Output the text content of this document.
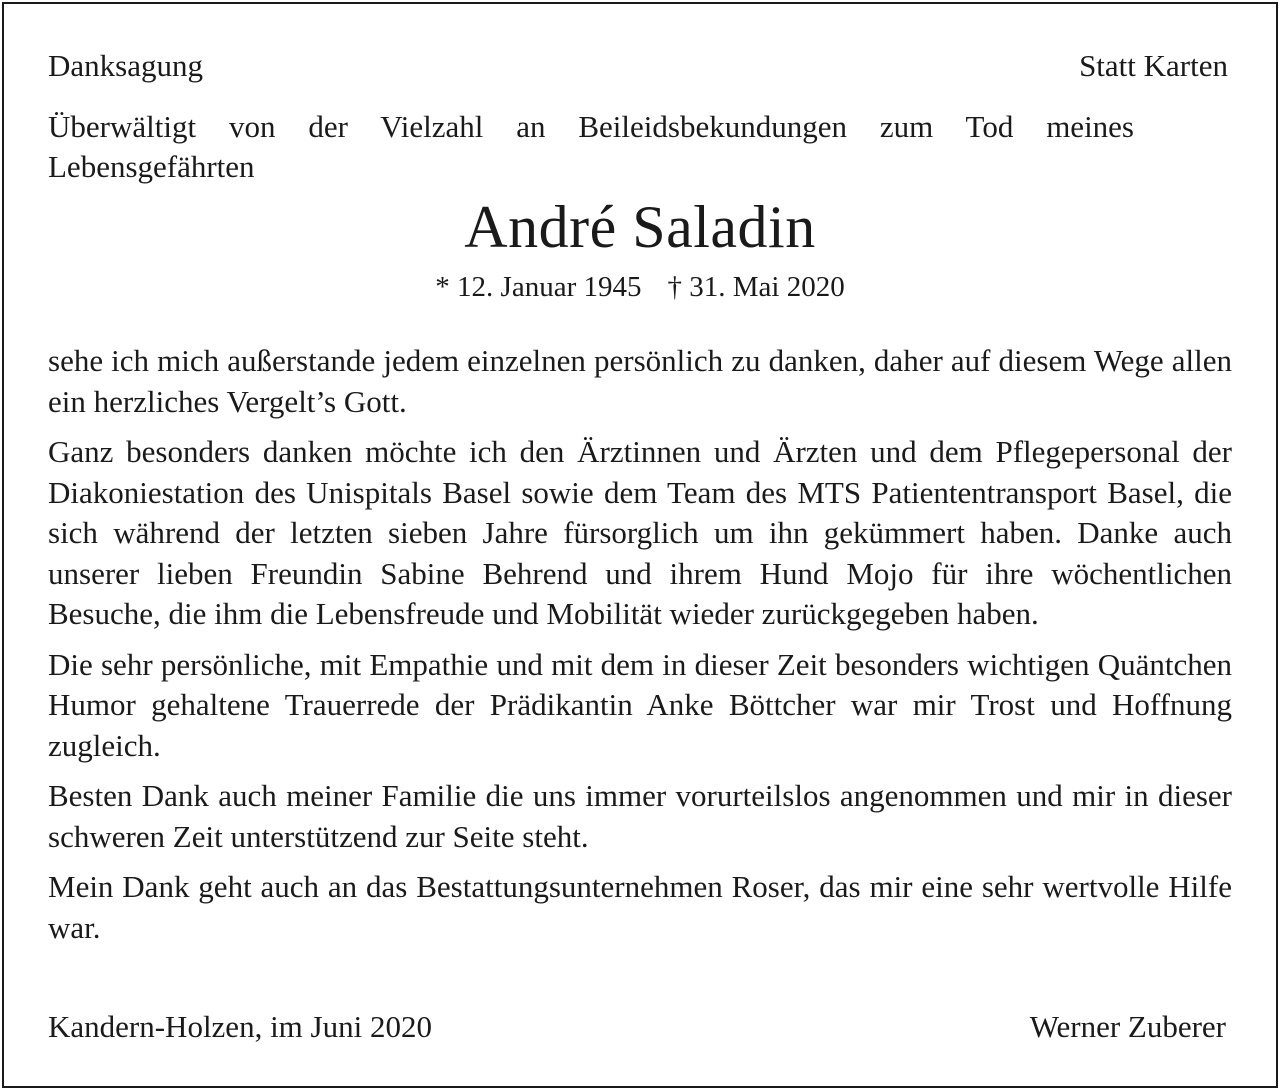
Danksagung	Statt Karten
Überwältigt von der Vielzahl an Beileidsbekundungen zum Tod meines Lebensgefährten
André Saladin
* 12. Januar 1945 † 31. Mai 2020

sehe ich mich außerstande jedem einzelnen persönlich zu danken, daher auf diesem Wege allen ein herzliches Vergelt’s Gott.

Ganz besonders danken möchte ich den Ärztinnen und Ärzten und dem Pflegepersonal der Diakoniestation des Unispitals Basel sowie dem Team des MTS Patiententransport Basel, die sich während der letzten sieben Jahre fürsorglich um ihn gekümmert haben. Danke auch unserer lieben Freundin Sabine Behrend und ihrem Hund Mojo für ihre wöchentlichen Besuche, die ihm die Lebensfreude und Mobilität wieder zurückgegeben haben.

Die sehr persönliche, mit Empathie und mit dem in dieser Zeit besonders wichtigen Quäntchen Humor gehaltene Trauerrede der Prädikantin Anke Böttcher war mir Trost und Hoffnung zugleich.

Besten Dank auch meiner Familie die uns immer vorurteilslos angenommen und mir in dieser schweren Zeit unterstützend zur Seite steht.

Mein Dank geht auch an das Bestattungsunternehmen Roser, das mir eine sehr wertvolle Hilfe war.

Kandern-Holzen, im Juni 2020	Werner Zuberer
